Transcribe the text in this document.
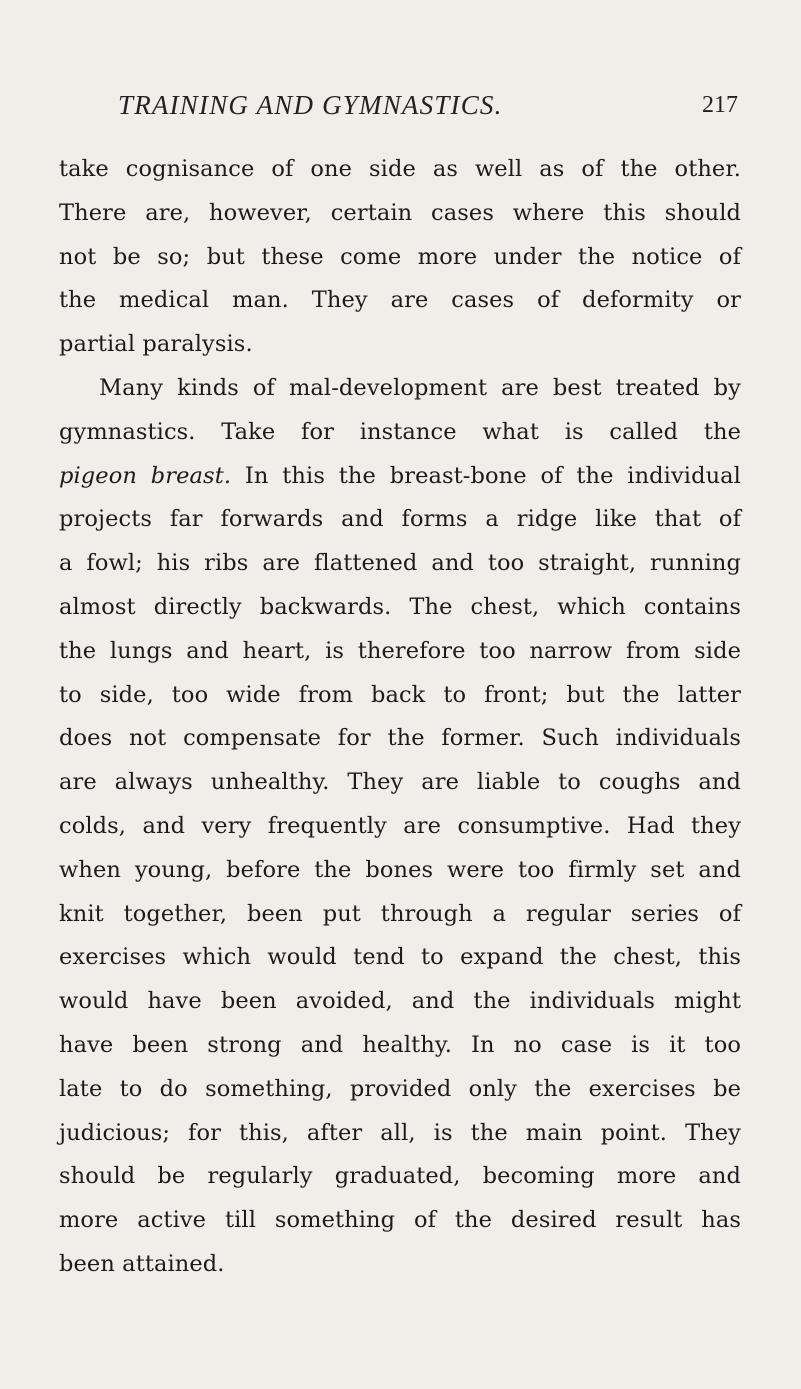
TRAINING AND GYMNASTICS.	217
take cognisance of one side as well as of the other.
There are, however, certain cases where this should
not be so; but these come more under the notice of
the medical man. They are cases of deformity or
partial paralysis.
Many kinds of mal-development are best treated by
gymnastics. Take for instance what is called the
pigeon breast. In this the breast-bone of the individual
projects far forwards and forms a ridge like that of
a fowl; his ribs are flattened and too straight, running
almost directly backwards. The chest, which contains
the lungs and heart, is therefore too narrow from side
to side, too wide from back to front; but the latter
does not compensate for the former. Such individuals
are always unhealthy. They are liable to coughs and
colds, and very frequently are consumptive. Had they
when young, before the bones were too firmly set and
knit together, been put through a regular series of
exercises which would tend to expand the chest, this
would have been avoided, and the individuals might
have been strong and healthy. In no case is it too
late to do something, provided only the exercises be
judicious; for this, after all, is the main point. They
should be regularly graduated, becoming more and
more active till something of the desired result has
been attained.
